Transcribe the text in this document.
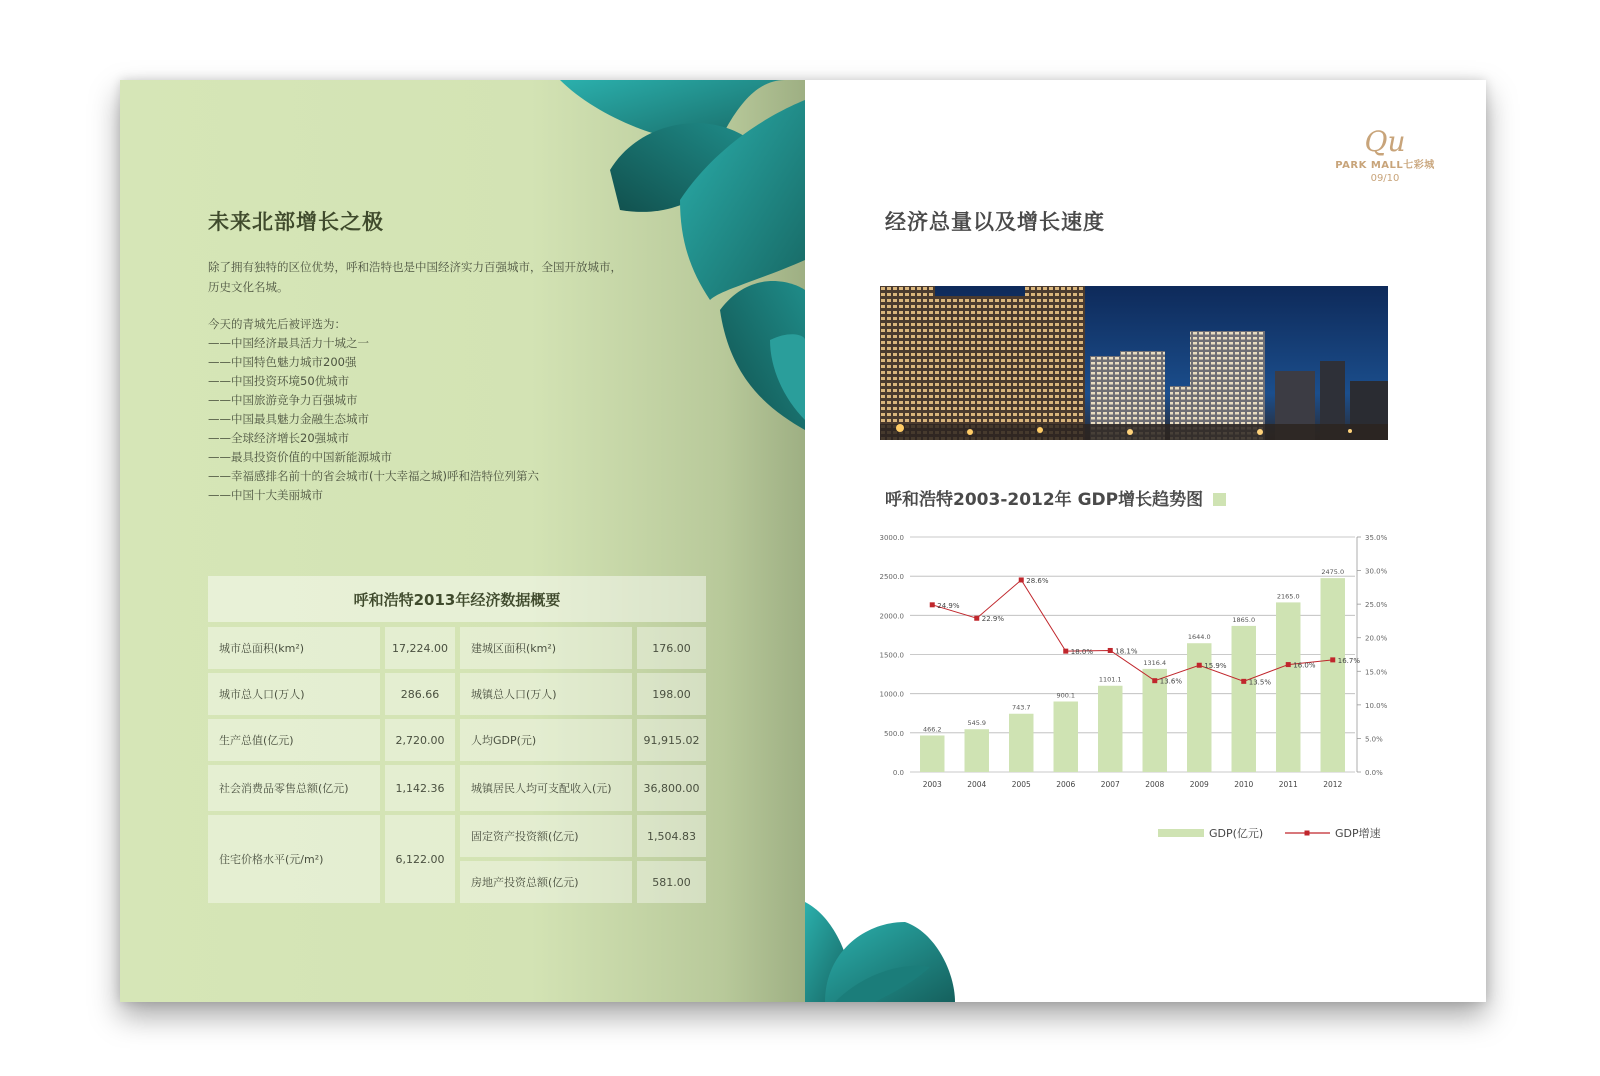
未来北部增长之极
除了拥有独特的区位优势，呼和浩特也是中国经济实力百强城市，全国开放城市，历史文化名城。
今天的青城先后被评选为：
——中国经济最具活力十城之一
——中国特色魅力城市200强
——中国投资环境50优城市
——中国旅游竞争力百强城市
——中国最具魅力金融生态城市
——全球经济增长20强城市
——最具投资价值的中国新能源城市
——幸福感排名前十的省会城市(十大幸福之城)呼和浩特位列第六
——中国十大美丽城市
呼和浩特2013年经济数据概要
城市总面积(km²)	17,224.00	建城区面积(km²)	176.00
城市总人口(万人)	286.66	城镇总人口(万人)	198.00
生产总值(亿元)	2,720.00	人均GDP(元)	91,915.02
社会消费品零售总额(亿元)	1,142.36	城镇居民人均可支配收入(元)	36,800.00
住宅价格水平(元/m²)	6,122.00
固定资产投资额(亿元)	1,504.83
房地产投资总额(亿元)	581.00
Qu
PARK MALL七彩城
09/10
经济总量以及增长速度
呼和浩特2003-2012年 GDP增长趋势图
0.0
500.0
1000.0
1500.0
2000.0
2500.0
3000.0
0.0%
5.0%
10.0%
15.0%
20.0%
25.0%
30.0%
35.0%
466.2
2003
545.9
2004
743.7
2005
900.1
2006
1101.1
2007
1316.4
2008
1644.0
2009
1865.0
2010
2165.0
2011
2475.0
2012
24.9%
22.9%
28.6%
18.0%	18.1%
13.6%
15.9%
13.5%
16.0%
16.7%
GDP(亿元)	GDP增速
